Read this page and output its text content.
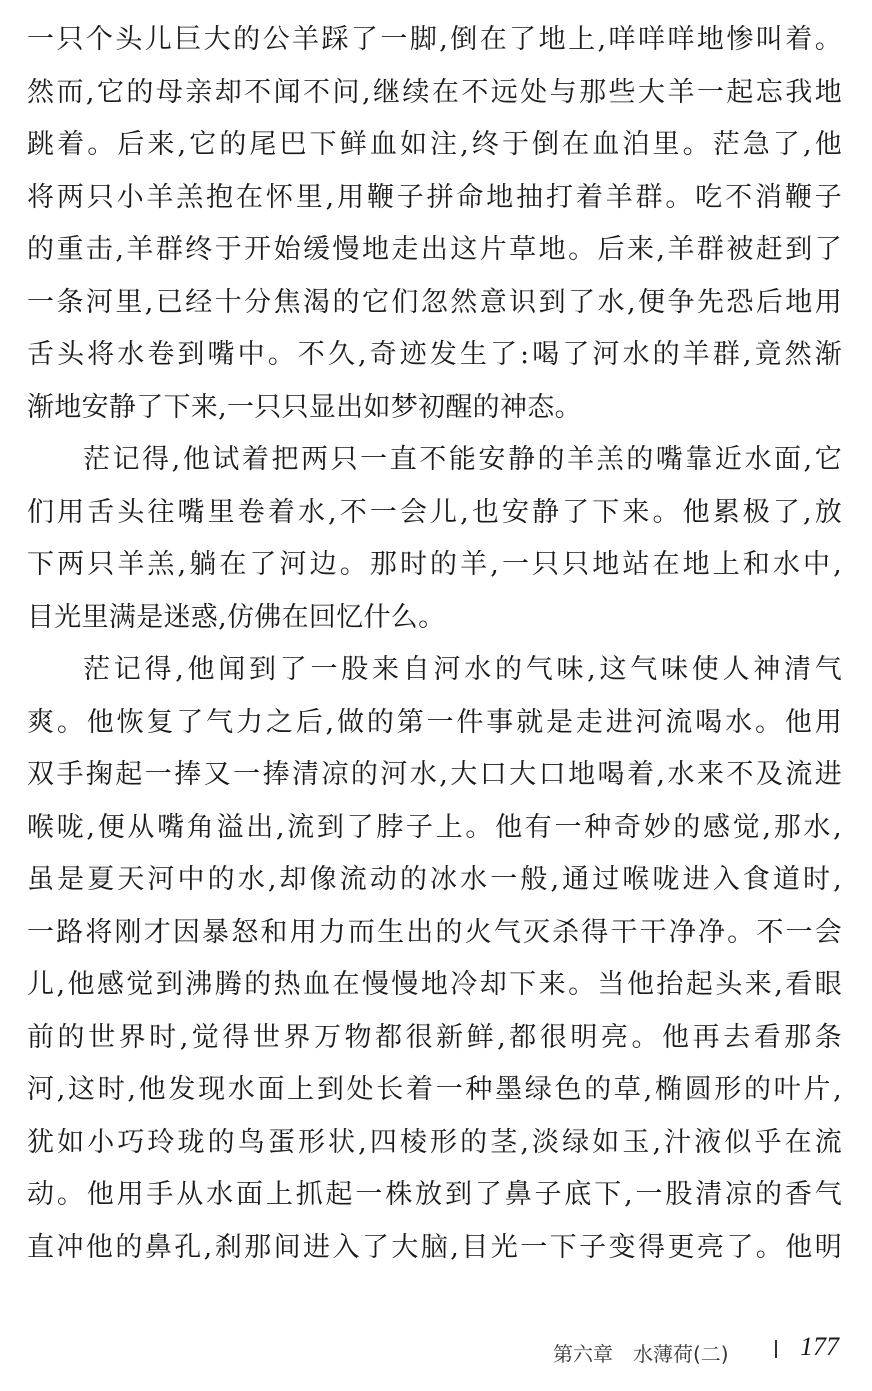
一只个头儿巨大的公羊踩了一脚,倒在了地上,咩咩咩地惨叫着。
然而,它的母亲却不闻不问,继续在不远处与那些大羊一起忘我地
跳着。后来,它的尾巴下鲜血如注,终于倒在血泊里。茫急了,他
将两只小羊羔抱在怀里,用鞭子拼命地抽打着羊群。吃不消鞭子
的重击,羊群终于开始缓慢地走出这片草地。后来,羊群被赶到了
一条河里,已经十分焦渴的它们忽然意识到了水,便争先恐后地用
舌头将水卷到嘴中。不久,奇迹发生了:喝了河水的羊群,竟然渐
渐地安静了下来,一只只显出如梦初醒的神态。
茫记得,他试着把两只一直不能安静的羊羔的嘴靠近水面,它
们用舌头往嘴里卷着水,不一会儿,也安静了下来。他累极了,放
下两只羊羔,躺在了河边。那时的羊,一只只地站在地上和水中,
目光里满是迷惑,仿佛在回忆什么。
茫记得,他闻到了一股来自河水的气味,这气味使人神清气
爽。他恢复了气力之后,做的第一件事就是走进河流喝水。他用
双手掬起一捧又一捧清凉的河水,大口大口地喝着,水来不及流进
喉咙,便从嘴角溢出,流到了脖子上。他有一种奇妙的感觉,那水,
虽是夏天河中的水,却像流动的冰水一般,通过喉咙进入食道时,
一路将刚才因暴怒和用力而生出的火气灭杀得干干净净。不一会
儿,他感觉到沸腾的热血在慢慢地冷却下来。当他抬起头来,看眼
前的世界时,觉得世界万物都很新鲜,都很明亮。他再去看那条
河,这时,他发现水面上到处长着一种墨绿色的草,椭圆形的叶片,
犹如小巧玲珑的鸟蛋形状,四棱形的茎,淡绿如玉,汁液似乎在流
动。他用手从水面上抓起一株放到了鼻子底下,一股清凉的香气
直冲他的鼻孔,刹那间进入了大脑,目光一下子变得更亮了。他明
第六章　水薄荷(二)	177
